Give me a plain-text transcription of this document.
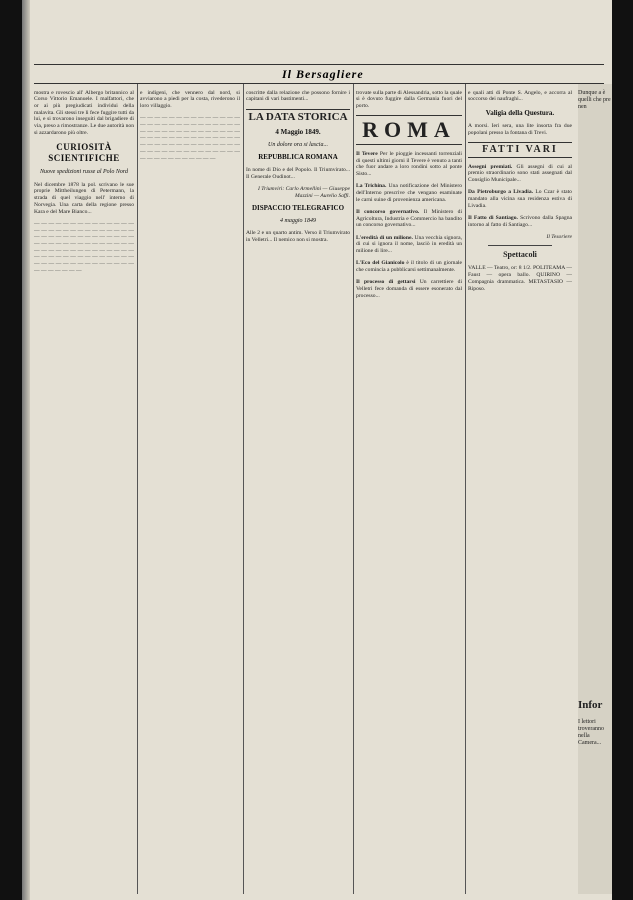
Il Bersagliere

mostra e rovescio all' Albergo britannico al Corso Vittorio Emanuele. I malfattori, che or ai più pregiudicati individui della malavita. Gli stessi tre li fece fuggire tutti da lui, e si trovarono inseguiti dal brigadiere di via, preso a rimostranze. Le due autorità non si azzardarono più oltre.

CURIOSITÀ SCIENTIFICHE
Nuove spedizioni russe al Polo Nord

Nel dicembre 1878 la pol. scrivano le sue proprie Mittheilungen di Petermann, la strada di quel viaggio nell' interno di Norvegia. Una carta della regione presso Kara e del Mare Bianco...

— — — — — — — — — — — — — — — — — — — — — — — — — — — — — — — — — — — — — — — — — — — — — — — — — — — — — — — — — — — — — — — — — — — — — — — — — — — — — — — — — — — — — — — — — — — — — — — — — — — — — — — — —

e indigeni, che vennero dal nord, si avviarono a piedi per la costa, rivederono il loro villaggio.

— — — — — — — — — — — — — — — — — — — — — — — — — — — — — — — — — — — — — — — — — — — — — — — — — — — — — — — — — — — — — — — — — — — — — — — — — — — — — — — — — — — — — — — — — — — — — — —

coscritte dalla relazione che possono fornire i capitani di vari bastimenti...

LA DATA STORICA
4 Maggio 1849.
Un dolore ora si lascia...
REPUBBLICA ROMANA

In nome di Dio e del Popolo. Il Triumvirato... Il Generale Oudinot...

I Triumviri: Carlo Armellini — Giuseppe Mazzini — Aurelio Saffi.

DISPACCIO TELEGRAFICO
4 maggio 1849

Alle 2 e un quarto antim. Verso il Triumvirato in Velletri... Il nemico non si mostra.

trovate sulla parte di Alessandria, sotto la quale si è dovuto fuggire dalla Germania fuori del porto.

ROMA

Il Tevere Per le pioggie incessanti torrenziali di questi ultimi giorni il Tevere è venuto a tanti che fuor andare a loro rondini sotto al ponte Sisto...

La Trichina. Una notificazione del Ministero dell'Interno prescrive che vengano esaminate le carni suine di provenienza americana.

Il concorso governativo. Il Ministero di Agricoltura, Industria e Commercio ha bandito un concorso governativo...

L'eredità di un milione. Una vecchia signora, di cui si ignora il nome, lasciò in eredità un milione di lire...

L'Eco del Gianicolo è il titolo di un giornale che comincia a pubblicarsi settimanalmente.

Il processo di gettarsi Un carrettiere di Velletri fece domanda di essere esonerato dal processo...

e quali atti di Ponte S. Angelo, e accorra al soccorso dei naufraghi...

Valigia della Questura.

A morsi. Ieri sera, una lite insorta fra due popolani presso la fontana di Trevi.

FATTI VARI

Assegni premiati. Gli assegni di cui al premio straordinario sono stati assegnati dal Consiglio Municipale...

Da Pietroburgo a Livadia. Lo Czar è stato mandato alla vicina sua residenza estiva di Livadia.

Il Fatto di Santiago. Scrivono dalla Spagna intorno al fatto di Santiago...

Il Tesoriere

Spettacoli

VALLE — Teatro, or: 8 1/2. POLITEAMA — Faust — opera ballo. QUIRINO — Compagnia drammatica. METASTASIO — Riposo.

Dunque a è quelli che pre nen

Infor

I lettori troveranno nella Camera...
